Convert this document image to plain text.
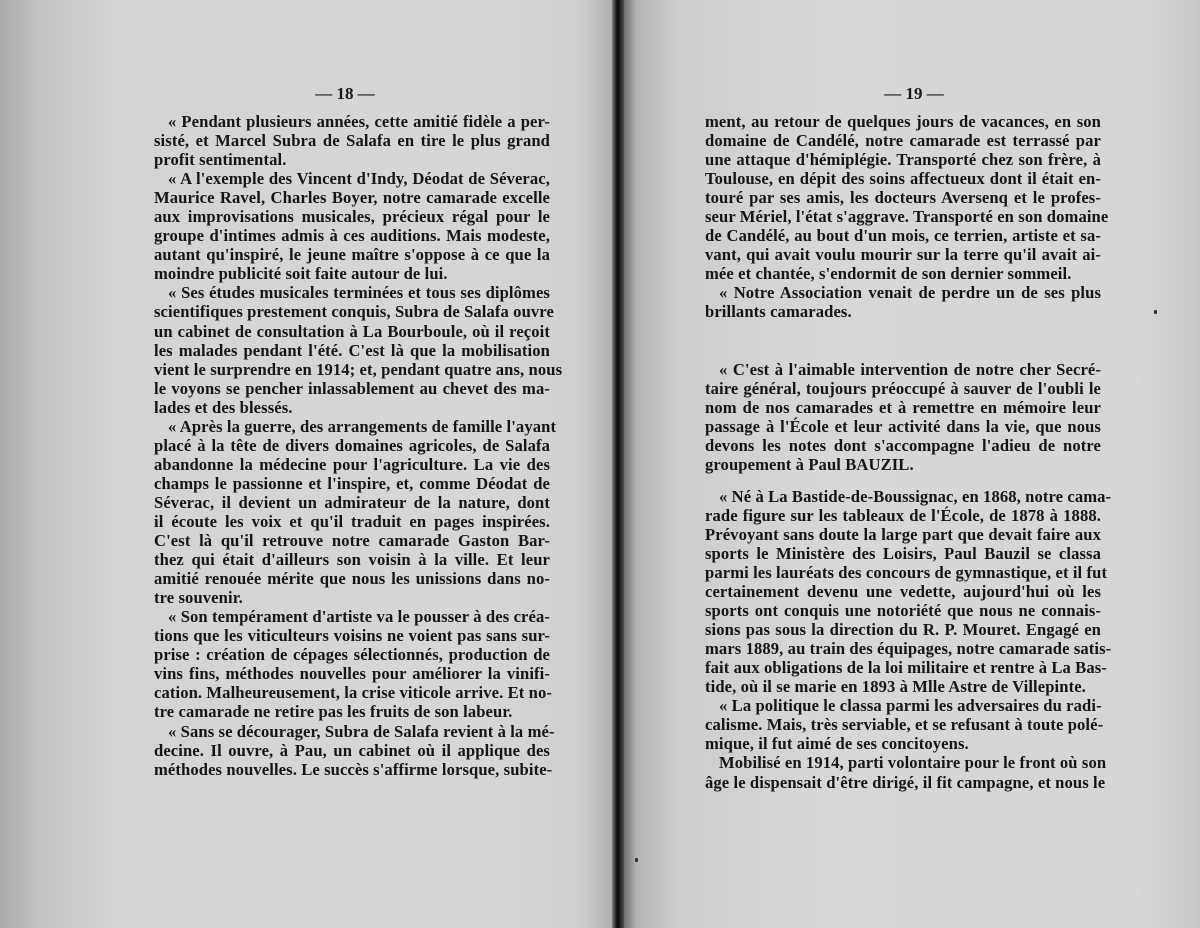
— 18 —
« Pendant plusieurs années, cette amitié fidèle a per-
sisté, et Marcel Subra de Salafa en tire le plus grand
profit sentimental.
« A l'exemple des Vincent d'Indy, Déodat de Séverac,
Maurice Ravel, Charles Boyer, notre camarade excelle
aux improvisations musicales, précieux régal pour le
groupe d'intimes admis à ces auditions. Mais modeste,
autant qu'inspiré, le jeune maître s'oppose à ce que la
moindre publicité soit faite autour de lui.
« Ses études musicales terminées et tous ses diplômes
scientifiques prestement conquis, Subra de Salafa ouvre
un cabinet de consultation à La Bourboule, où il reçoit
les malades pendant l'été. C'est là que la mobilisation
vient le surprendre en 1914; et, pendant quatre ans, nous
le voyons se pencher inlassablement au chevet des ma-
lades et des blessés.
« Après la guerre, des arrangements de famille l'ayant
placé à la tête de divers domaines agricoles, de Salafa
abandonne la médecine pour l'agriculture. La vie des
champs le passionne et l'inspire, et, comme Déodat de
Séverac, il devient un admirateur de la nature, dont
il écoute les voix et qu'il traduit en pages inspirées.
C'est là qu'il retrouve notre camarade Gaston Bar-
thez qui était d'ailleurs son voisin à la ville. Et leur
amitié renouée mérite que nous les unissions dans no-
tre souvenir.
« Son tempérament d'artiste va le pousser à des créa-
tions que les viticulteurs voisins ne voient pas sans sur-
prise : création de cépages sélectionnés, production de
vins fins, méthodes nouvelles pour améliorer la vinifi-
cation. Malheureusement, la crise viticole arrive. Et no-
tre camarade ne retire pas les fruits de son labeur.
« Sans se décourager, Subra de Salafa revient à la mé-
decine. Il ouvre, à Pau, un cabinet où il applique des
méthodes nouvelles. Le succès s'affirme lorsque, subite-
— 19 —
ment, au retour de quelques jours de vacances, en son
domaine de Candélé, notre camarade est terrassé par
une attaque d'hémiplégie. Transporté chez son frère, à
Toulouse, en dépit des soins affectueux dont il était en-
touré par ses amis, les docteurs Aversenq et le profes-
seur Mériel, l'état s'aggrave. Transporté en son domaine
de Candélé, au bout d'un mois, ce terrien, artiste et sa-
vant, qui avait voulu mourir sur la terre qu'il avait ai-
mée et chantée, s'endormit de son dernier sommeil.
« Notre Association venait de perdre un de ses plus
brillants camarades.
« C'est à l'aimable intervention de notre cher Secré-
taire général, toujours préoccupé à sauver de l'oubli le
nom de nos camarades et à remettre en mémoire leur
passage à l'École et leur activité dans la vie, que nous
devons les notes dont s'accompagne l'adieu de notre
groupement à Paul BAUZIL.
« Né à La Bastide-de-Boussignac, en 1868, notre cama-
rade figure sur les tableaux de l'École, de 1878 à 1888.
Prévoyant sans doute la large part que devait faire aux
sports le Ministère des Loisirs, Paul Bauzil se classa
parmi les lauréats des concours de gymnastique, et il fut
certainement devenu une vedette, aujourd'hui où les
sports ont conquis une notoriété que nous ne connais-
sions pas sous la direction du R. P. Mouret. Engagé en
mars 1889, au train des équipages, notre camarade satis-
fait aux obligations de la loi militaire et rentre à La Bas-
tide, où il se marie en 1893 à Mlle Astre de Villepinte.
« La politique le classa parmi les adversaires du radi-
calisme. Mais, très serviable, et se refusant à toute polé-
mique, il fut aimé de ses concitoyens.
Mobilisé en 1914, parti volontaire pour le front où son
âge le dispensait d'être dirigé, il fit campagne, et nous le
